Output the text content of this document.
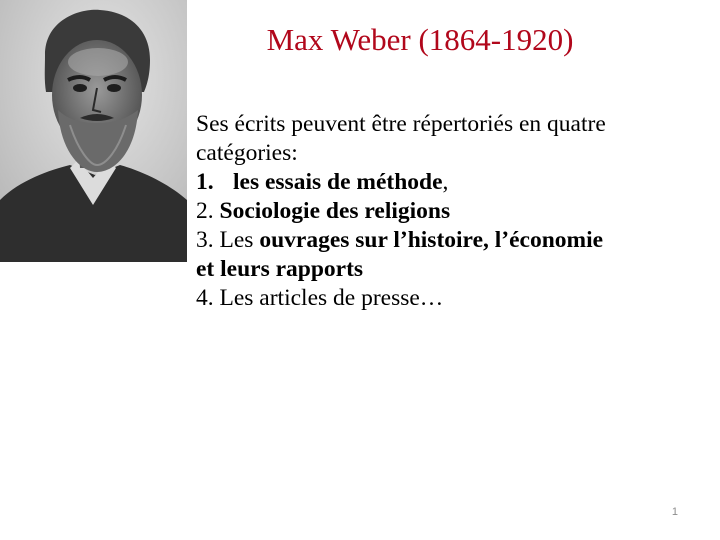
Max Weber (1864-1920)
Ses écrits peuvent être répertoriés en quatre
catégories:
1. les essais de méthode,
2. Sociologie des religions
3. Les ouvrages sur l’histoire, l’économie
et leurs rapports
4. Les articles de presse…
1
